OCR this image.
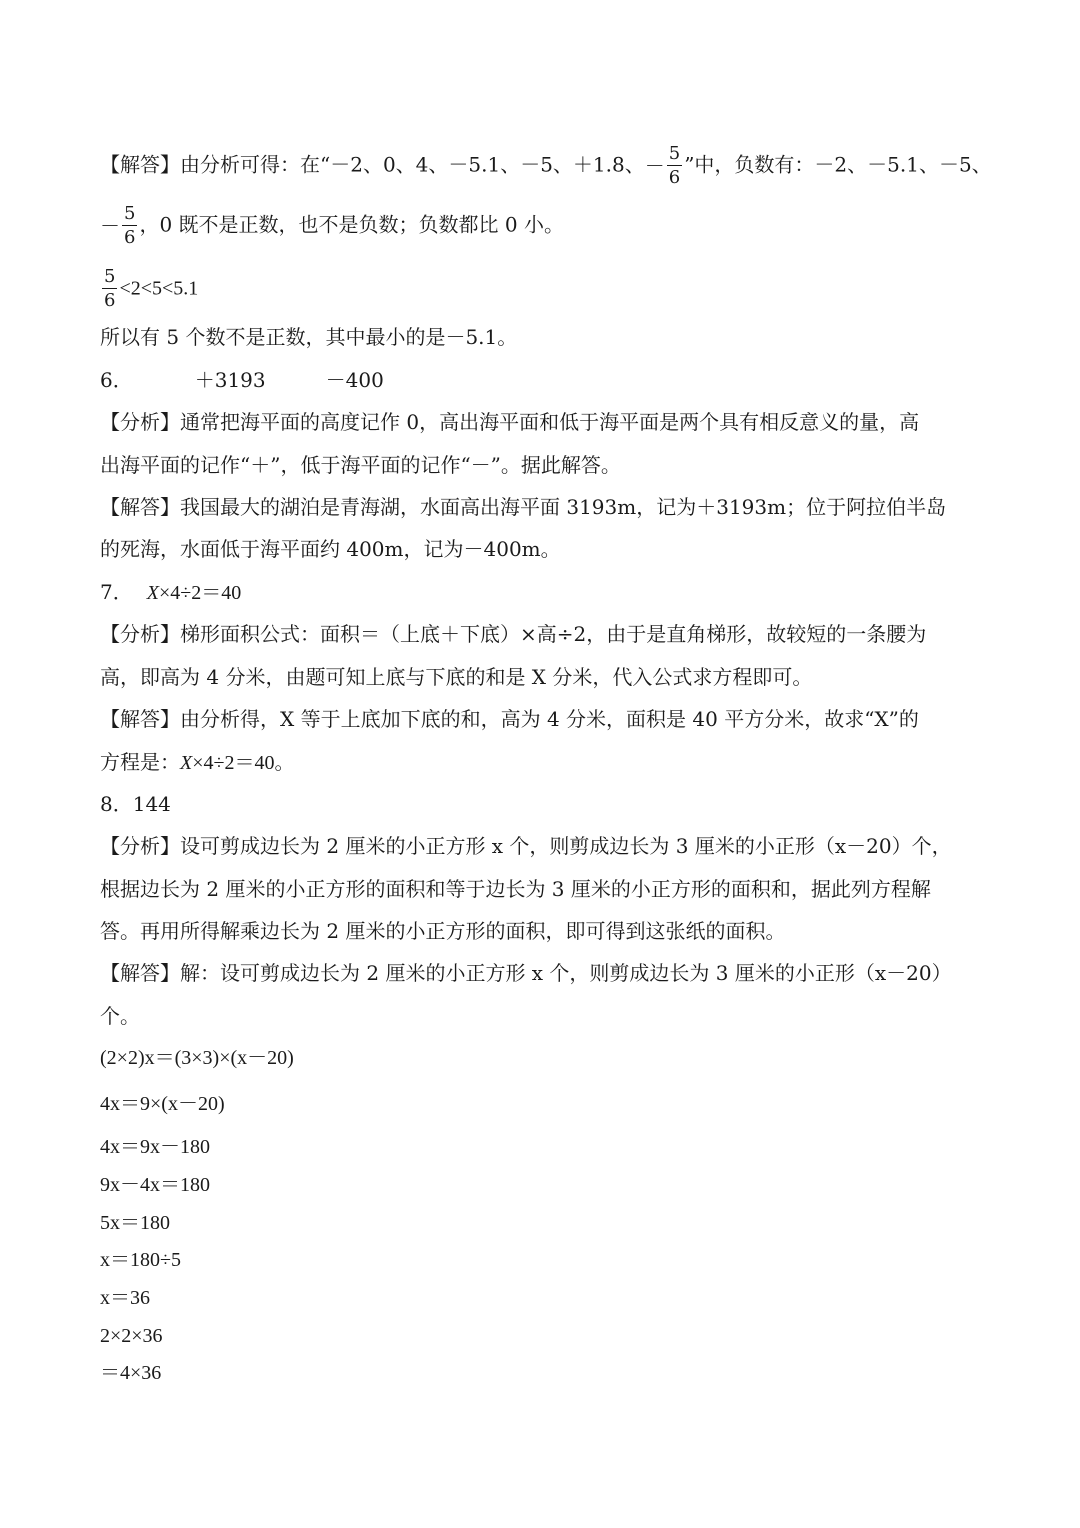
【解答】由分析可得：在“－2、0、4、－5.1、－5、＋1.8、－ $\frac{5}{6}$ ”中，负数有：－2、－5.1、－5、
－ $\frac{5}{6}$ ，0 既不是正数，也不是负数；负数都比 0 小。
$\frac{5}{6} <2<5<5.1$
所以有 5 个数不是正数，其中最小的是－5.1。
6．	＋3193	－400
【分析】通常把海平面的高度记作 0，高出海平面和低于海平面是两个具有相反意义的量，高
出海平面的记作“＋”，低于海平面的记作“－”。据此解答。
【解答】我国最大的湖泊是青海湖，水面高出海平面 3193m，记为＋3193m；位于阿拉伯半岛
的死海，水面低于海平面约 400m，记为－400m。
7． X×4÷2＝40
【分析】梯形面积公式：面积＝（上底＋下底）×高÷2，由于是直角梯形，故较短的一条腰为
高，即高为 4 分米，由题可知上底与下底的和是 X 分米，代入公式求方程即可。
【解答】由分析得，X 等于上底加下底的和，高为 4 分米，面积是 40 平方分米，故求“X”的
方程是：X×4÷2＝40。
8．144
【分析】设可剪成边长为 2 厘米的小正方形 x 个，则剪成边长为 3 厘米的小正形（x－20）个，
根据边长为 2 厘米的小正方形的面积和等于边长为 3 厘米的小正方形的面积和，据此列方程解
答。再用所得解乘边长为 2 厘米的小正方形的面积，即可得到这张纸的面积。
【解答】解：设可剪成边长为 2 厘米的小正方形 x 个，则剪成边长为 3 厘米的小正形（x－20）
个。
(2×2)x＝(3×3)×(x－20)
4x＝9×(x－20)
4x＝9x－180
9x－4x＝180
5x＝180
x＝180÷5
x＝36
2×2×36
＝4×36
